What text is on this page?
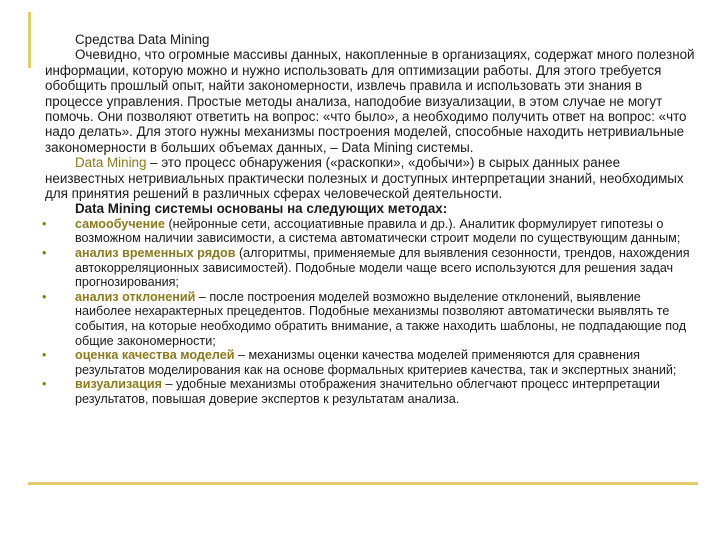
Средства Data Mining

Очевидно, что огромные массивы данных, накопленные в организациях, содержат много полезной информации, которую можно и нужно использовать для оптимизации работы. Для этого требуется обобщить прошлый опыт, найти закономерности, извлечь правила и использовать эти знания в процессе управления. Простые методы анализа, наподобие визуализации, в этом случае не могут помочь. Они позволяют ответить на вопрос: «что было», а необходимо получить ответ на вопрос: «что надо делать». Для этого нужны механизмы построения моделей, способные находить нетривиальные закономерности в больших объемах данных, – Data Mining системы.

Data Mining – это процесс обнаружения («раскопки», «добычи») в сырых данных ранее неизвестных нетривиальных практически полезных и доступных интерпретации знаний, необходимых для принятия решений в различных сферах человеческой деятельности.

Data Mining системы основаны на следующих методах:

•	самообучение (нейронные сети, ассоциативные правила и др.). Аналитик формулирует гипотезы о возможном наличии зависимости, а система автоматически строит модели по существующим данным;

•	анализ временных рядов (алгоритмы, применяемые для выявления сезонности, трендов, нахождения автокорреляционных зависимостей). Подобные модели чаще всего используются для решения задач прогнозирования;

•	анализ отклонений – после построения моделей возможно выделение отклонений, выявление наиболее нехарактерных прецедентов. Подобные механизмы позволяют автоматически выявлять те события, на которые необходимо обратить внимание, а также находить шаблоны, не подпадающие под общие закономерности;

•	оценка качества моделей – механизмы оценки качества моделей применяются для сравнения результатов моделирования как на основе формальных критериев качества, так и экспертных знаний;

•	визуализация – удобные механизмы отображения значительно облегчают процесс интерпретации результатов, повышая доверие экспертов к результатам анализа.
